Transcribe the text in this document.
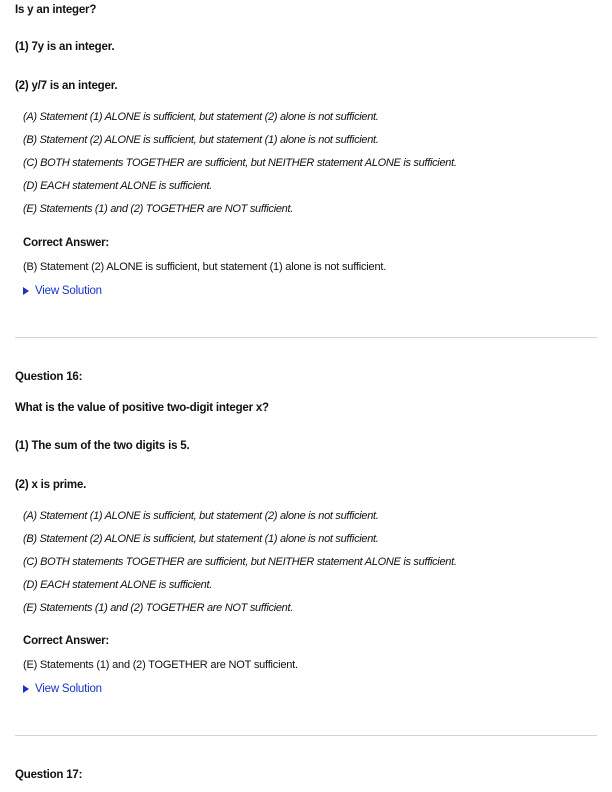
Is y an integer?

(1) 7y is an integer.

(2) y/7 is an integer.

(A) Statement (1) ALONE is sufficient, but statement (2) alone is not sufficient.
(B) Statement (2) ALONE is sufficient, but statement (1) alone is not sufficient.
(C) BOTH statements TOGETHER are sufficient, but NEITHER statement ALONE is sufficient.
(D) EACH statement ALONE is sufficient.
(E) Statements (1) and (2) TOGETHER are NOT sufficient.

Correct Answer:

(B) Statement (2) ALONE is sufficient, but statement (1) alone is not sufficient.

View Solution

Question 16:

What is the value of positive two-digit integer x?

(1) The sum of the two digits is 5.

(2) x is prime.

(A) Statement (1) ALONE is sufficient, but statement (2) alone is not sufficient.
(B) Statement (2) ALONE is sufficient, but statement (1) alone is not sufficient.
(C) BOTH statements TOGETHER are sufficient, but NEITHER statement ALONE is sufficient.
(D) EACH statement ALONE is sufficient.
(E) Statements (1) and (2) TOGETHER are NOT sufficient.

Correct Answer:

(E) Statements (1) and (2) TOGETHER are NOT sufficient.

View Solution

Question 17:
